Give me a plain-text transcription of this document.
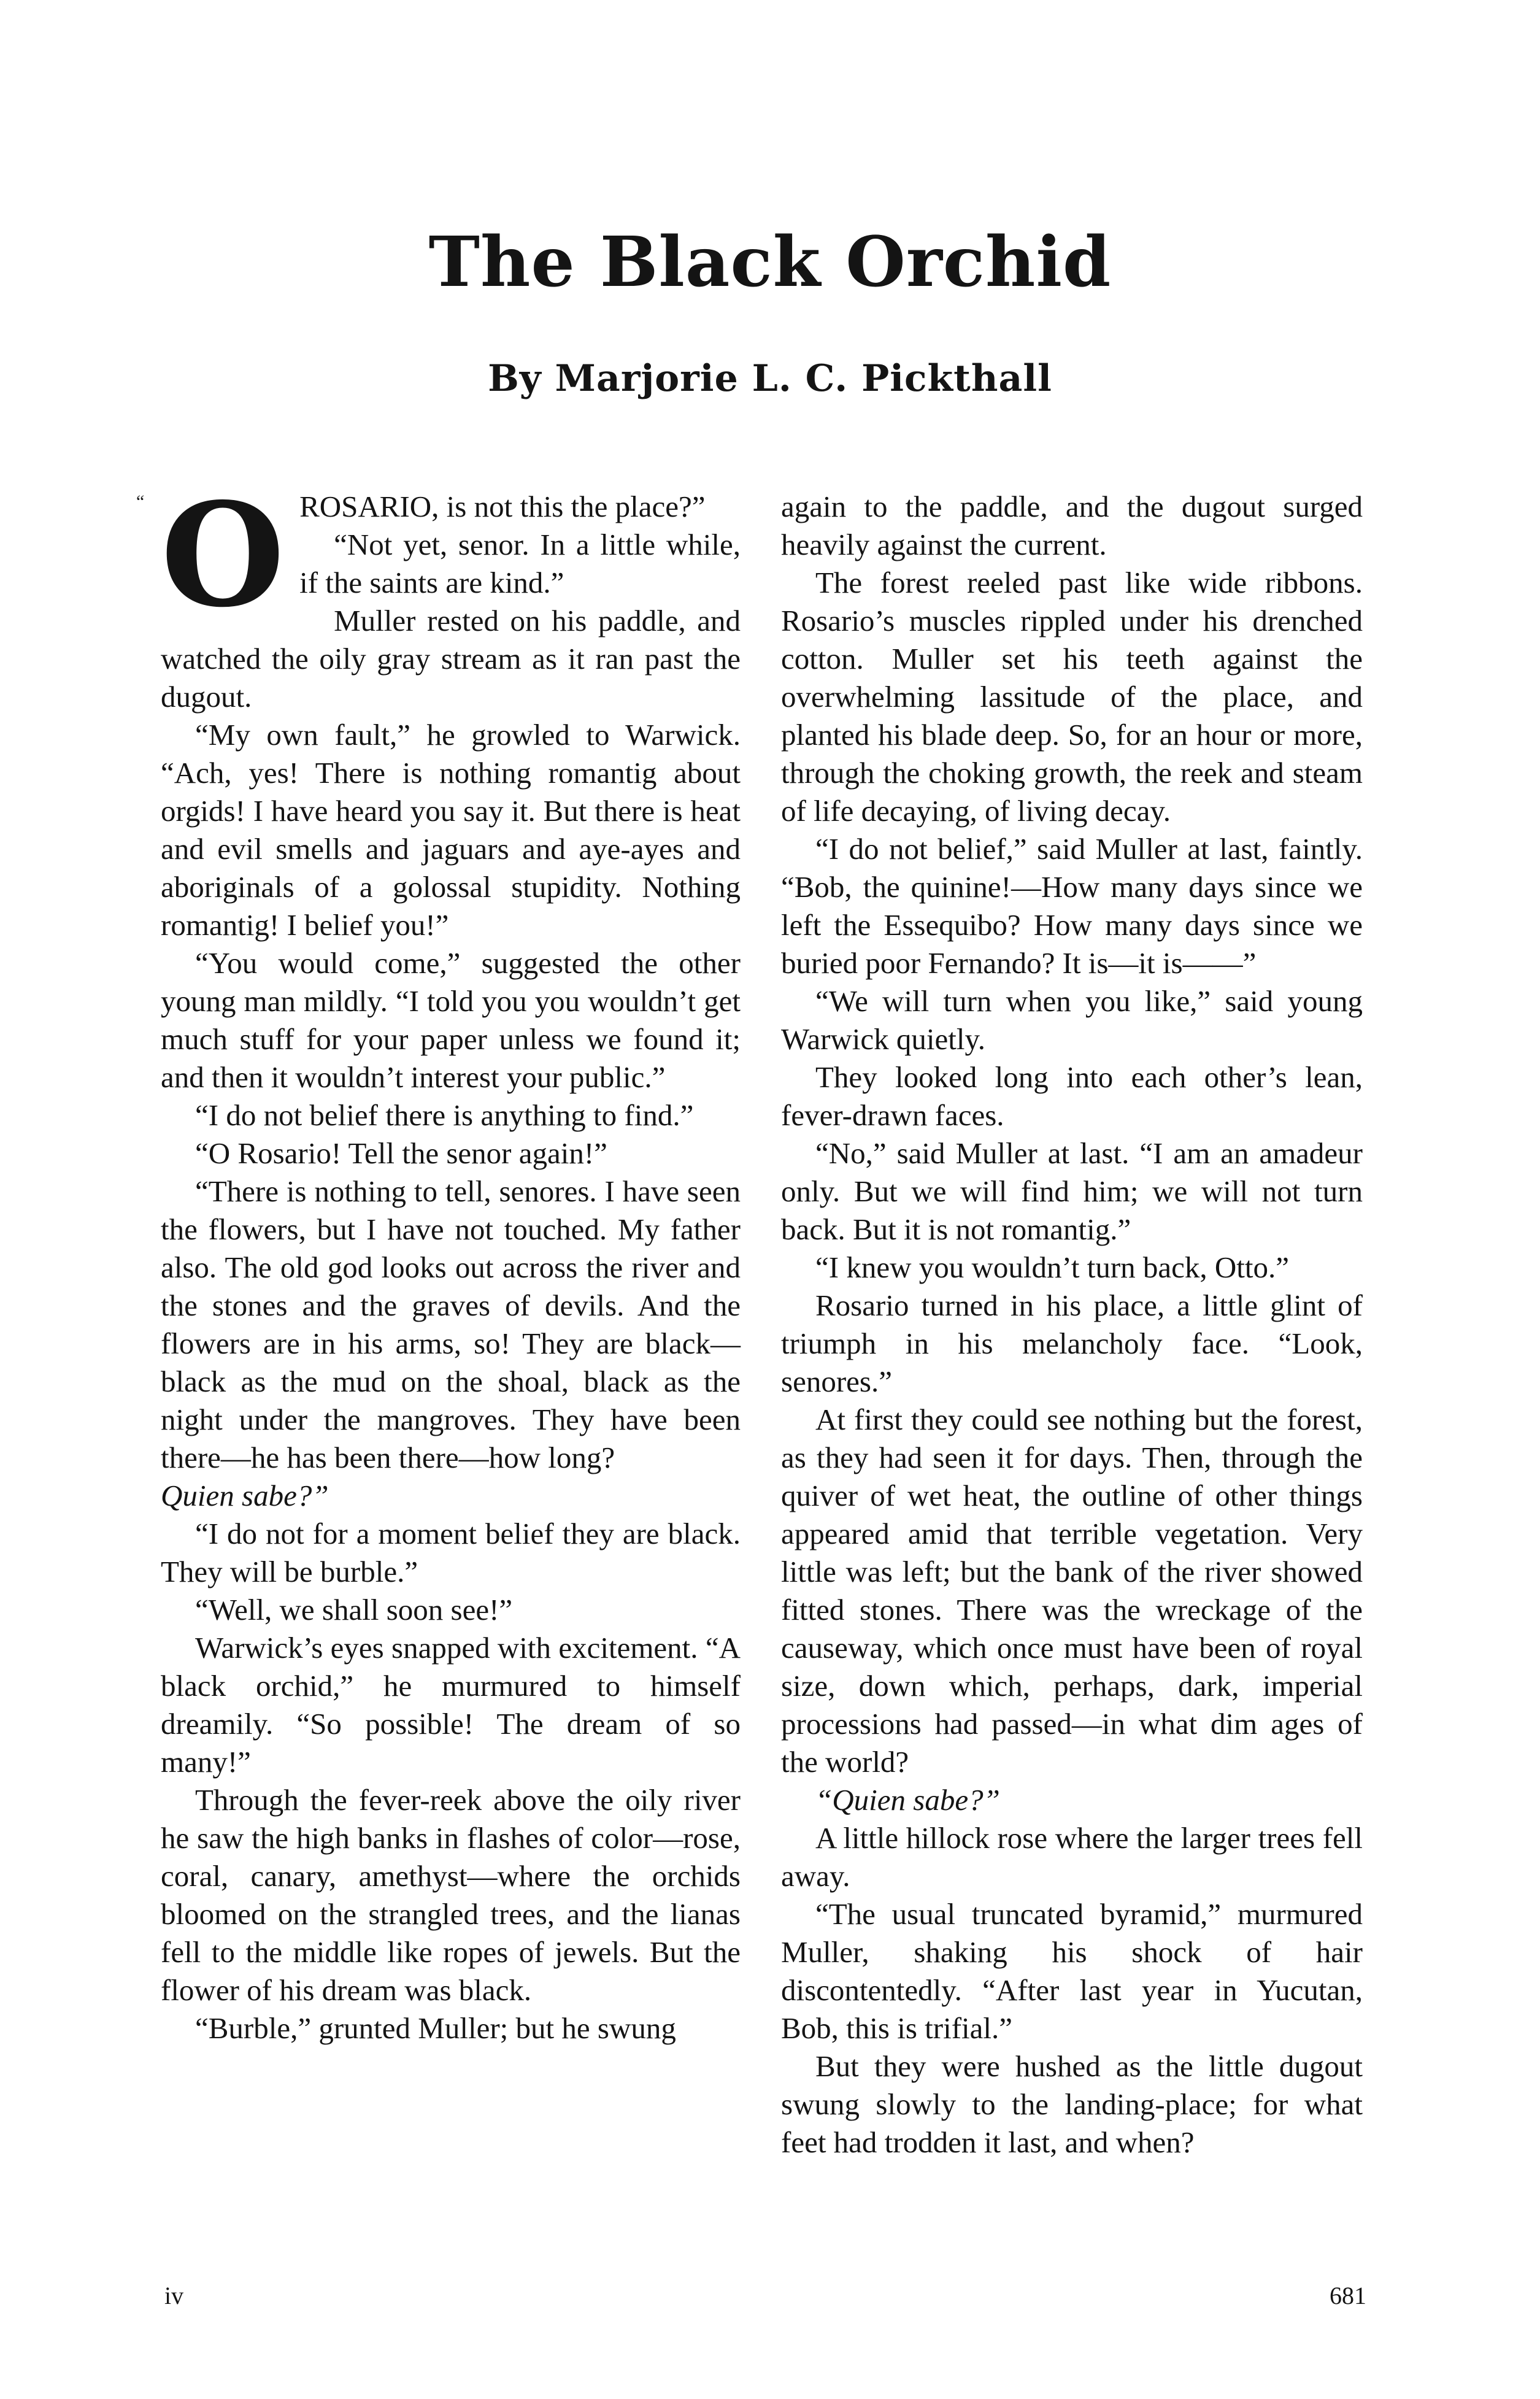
The Black Orchid
By Marjorie L. C. Pickthall
“ O ROSARIO, is not this the place?”

“Not yet, senor. In a little while, if the saints are kind.”

Muller rested on his paddle, and watched the oily gray stream as it ran past the dugout.

“My own fault,” he growled to Warwick. “Ach, yes! There is nothing romantig about orgids! I have heard you say it. But there is heat and evil smells and jaguars and aye-ayes and aboriginals of a golossal stupidity. Nothing romantig! I belief you!”

“You would come,” suggested the other young man mildly. “I told you you wouldn’t get much stuff for your paper unless we found it; and then it wouldn’t interest your public.”

“I do not belief there is anything to find.”

“O Rosario! Tell the senor again!”

“There is nothing to tell, senores. I have seen the flowers, but I have not touched. My father also. The old god looks out across the river and the stones and the graves of devils. And the flowers are in his arms, so! They are black—black as the mud on the shoal, black as the night under the mangroves. They have been there—he has been there—how long?

Quien sabe?”

“I do not for a moment belief they are black. They will be burble.”

“Well, we shall soon see!”

Warwick’s eyes snapped with excitement. “A black orchid,” he murmured to himself dreamily. “So possible! The dream of so many!”

Through the fever-reek above the oily river he saw the high banks in flashes of color—rose, coral, canary, amethyst—where the orchids bloomed on the strangled trees, and the lianas fell to the middle like ropes of jewels. But the flower of his dream was black.

“Burble,” grunted Muller; but he swung

again to the paddle, and the dugout surged heavily against the current.

The forest reeled past like wide ribbons. Rosario’s muscles rippled under his drenched cotton. Muller set his teeth against the overwhelming lassitude of the place, and planted his blade deep. So, for an hour or more, through the choking growth, the reek and steam of life decaying, of living decay.

“I do not belief,” said Muller at last, faintly. “Bob, the quinine!—How many days since we left the Essequibo? How many days since we buried poor Fernando? It is—it is——”

“We will turn when you like,” said young Warwick quietly.

They looked long into each other’s lean, fever-drawn faces.

“No,” said Muller at last. “I am an amadeur only. But we will find him; we will not turn back. But it is not romantig.”

“I knew you wouldn’t turn back, Otto.”

Rosario turned in his place, a little glint of triumph in his melancholy face. “Look, senores.”

At first they could see nothing but the forest, as they had seen it for days. Then, through the quiver of wet heat, the outline of other things appeared amid that terrible vegetation. Very little was left; but the bank of the river showed fitted stones. There was the wreckage of the causeway, which once must have been of royal size, down which, perhaps, dark, imperial processions had passed—in what dim ages of the world?

“Quien sabe?”

A little hillock rose where the larger trees fell away.

“The usual truncated byramid,” murmured Muller, shaking his shock of hair discontentedly. “After last year in Yucutan, Bob, this is trifial.”

But they were hushed as the little dugout swung slowly to the landing-place; for what feet had trodden it last, and when?

iv	681
